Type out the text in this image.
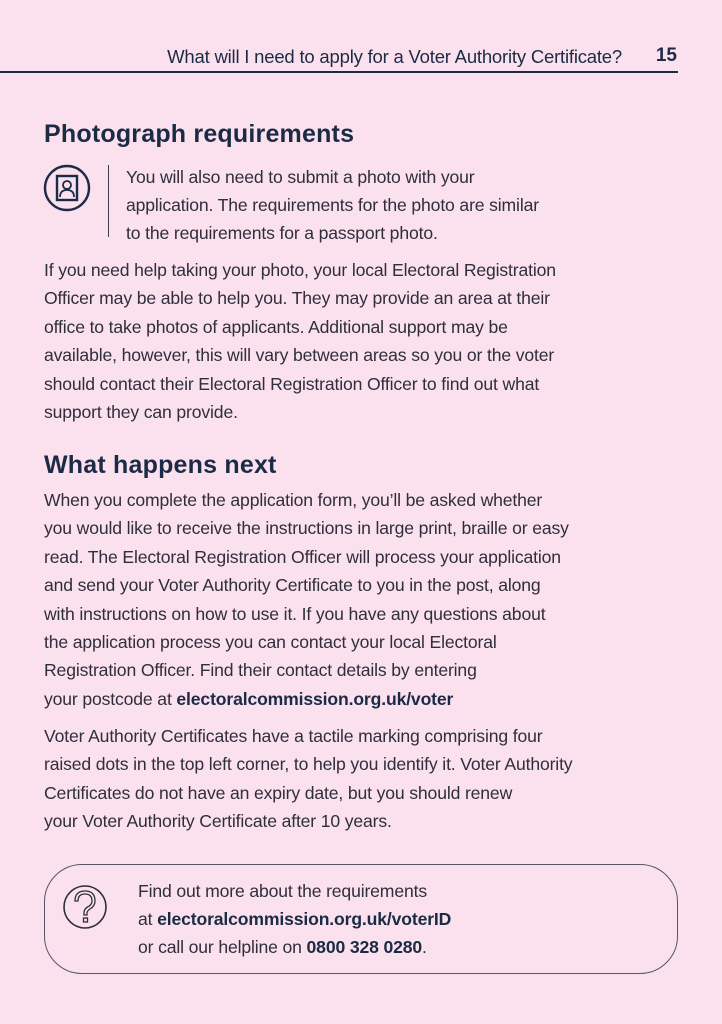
What will I need to apply for a Voter Authority Certificate? 15
Photograph requirements
You will also need to submit a photo with your
application. The requirements for the photo are similar
to the requirements for a passport photo.
If you need help taking your photo, your local Electoral Registration
Officer may be able to help you. They may provide an area at their
office to take photos of applicants. Additional support may be
available, however, this will vary between areas so you or the voter
should contact their Electoral Registration Officer to find out what
support they can provide.
What happens next
When you complete the application form, you’ll be asked whether
you would like to receive the instructions in large print, braille or easy
read. The Electoral Registration Officer will process your application
and send your Voter Authority Certificate to you in the post, along
with instructions on how to use it. If you have any questions about
the application process you can contact your local Electoral
Registration Officer. Find their contact details by entering
your postcode at electoralcommission.org.uk/voter
Voter Authority Certificates have a tactile marking comprising four
raised dots in the top left corner, to help you identify it. Voter Authority
Certificates do not have an expiry date, but you should renew
your Voter Authority Certificate after 10 years.
Find out more about the requirements
at electoralcommission.org.uk/voterID
or call our helpline on 0800 328 0280.
